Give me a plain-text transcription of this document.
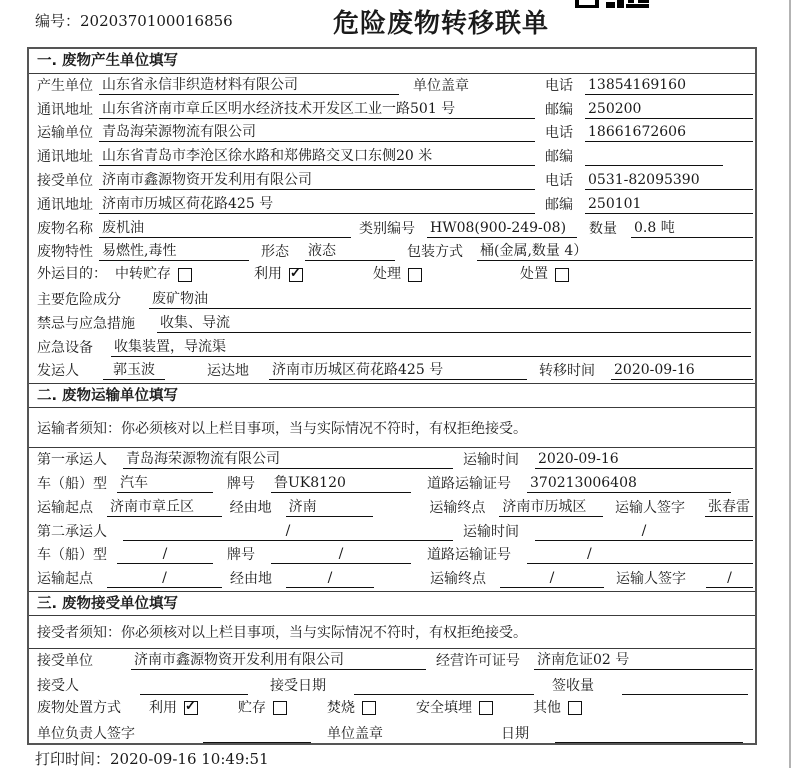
编号：2020370100016856	危险废物转移联单
一. 废物产生单位填写
产生单位 山东省永信非织造材料有限公司	单位盖章	电话	13854169160
通讯地址 山东省济南市章丘区明水经济技术开发区工业一路501 号	邮编	250200
运输单位 青岛海荣源物流有限公司	电话	18661672606
通讯地址 山东省青岛市李沧区徐水路和郑佛路交叉口东侧20 米	邮编
接受单位 济南市鑫源物资开发利用有限公司	电话	0531-82095390
通讯地址 济南市历城区荷花路425 号	邮编	250101
废物名称 废机油	类别编号 HW08(900-249-08)	数量	0.8 吨
废物特性 易燃性,毒性	形态	液态	包装方式	桶(金属,数量 4）
外运目的： 中转贮存	利用 ✓	处理	处置
主要危险成分	废矿物油
禁忌与应急措施	收集、导流
应急设备	收集装置，导流渠
发运人	郭玉波	运达地	济南市历城区荷花路425 号	转移时间	2020-09-16
二. 废物运输单位填写
运输者须知：你必须核对以上栏目事项，当与实际情况不符时，有权拒绝接受。
第一承运人	青岛海荣源物流有限公司	运输时间	2020-09-16
车（船）型 汽车	牌号	鲁UK8120	道路运输证号	370213006408
运输起点	济南市章丘区	经由地	济南	运输终点	济南市历城区	运输人签字	张春雷
第二承运人	/	运输时间	/
车（船）型	/	牌号	/	道路运输证号	/
运输起点	/	经由地	/	运输终点	/	运输人签字	/
三. 废物接受单位填写
接受者须知：你必须核对以上栏目事项，当与实际情况不符时，有权拒绝接受。
接受单位	济南市鑫源物资开发利用有限公司	经营许可证号	济南危证02 号
接受人	接受日期	签收量
废物处置方式 利用 ✓	贮存	焚烧	安全填埋	其他
单位负责人签字	单位盖章	日期
打印时间：2020-09-16 10:49:51
